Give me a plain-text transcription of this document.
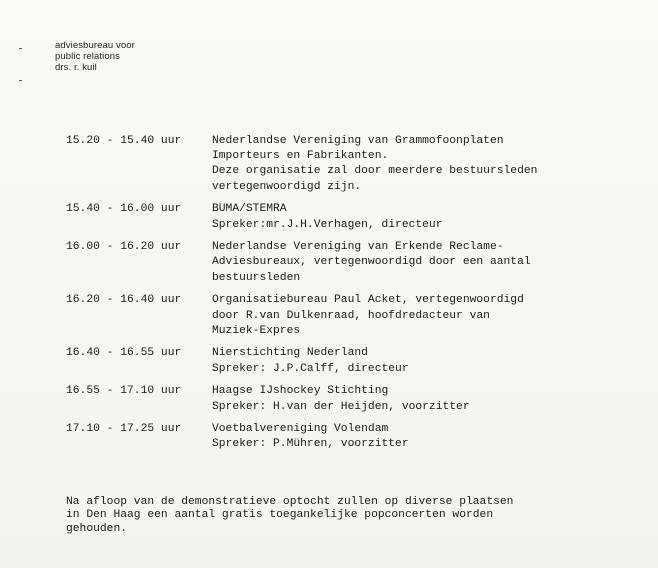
adviesbureau voor
public relations
drs. r. kuil
15.20 - 15.40 uur	Nederlandse Vereniging van Grammofoonplaten
Importeurs en Fabrikanten.
Deze organisatie zal door meerdere bestuursleden
vertegenwoordigd zijn.
15.40 - 16.00 uur	BUMA/STEMRA
Spreker:mr.J.H.Verhagen, directeur
16.00 - 16.20 uur	Nederlandse Vereniging van Erkende Reclame-
Adviesbureaux, vertegenwoordigd door een aantal
bestuursleden
16.20 - 16.40 uur	Organisatiebureau Paul Acket, vertegenwoordigd
door R.van Dulkenraad, hoofdredacteur van
Muziek-Expres
16.40 - 16.55 uur	Nierstichting Nederland
Spreker: J.P.Calff, directeur
16.55 - 17.10 uur	Haagse IJshockey Stichting
Spreker: H.van der Heijden, voorzitter
17.10 - 17.25 uur	Voetbalvereniging Volendam
Spreker: P.Mühren, voorzitter
Na afloop van de demonstratieve optocht zullen op diverse plaatsen
in Den Haag een aantal gratis toegankelijke popconcerten worden
gehouden.
